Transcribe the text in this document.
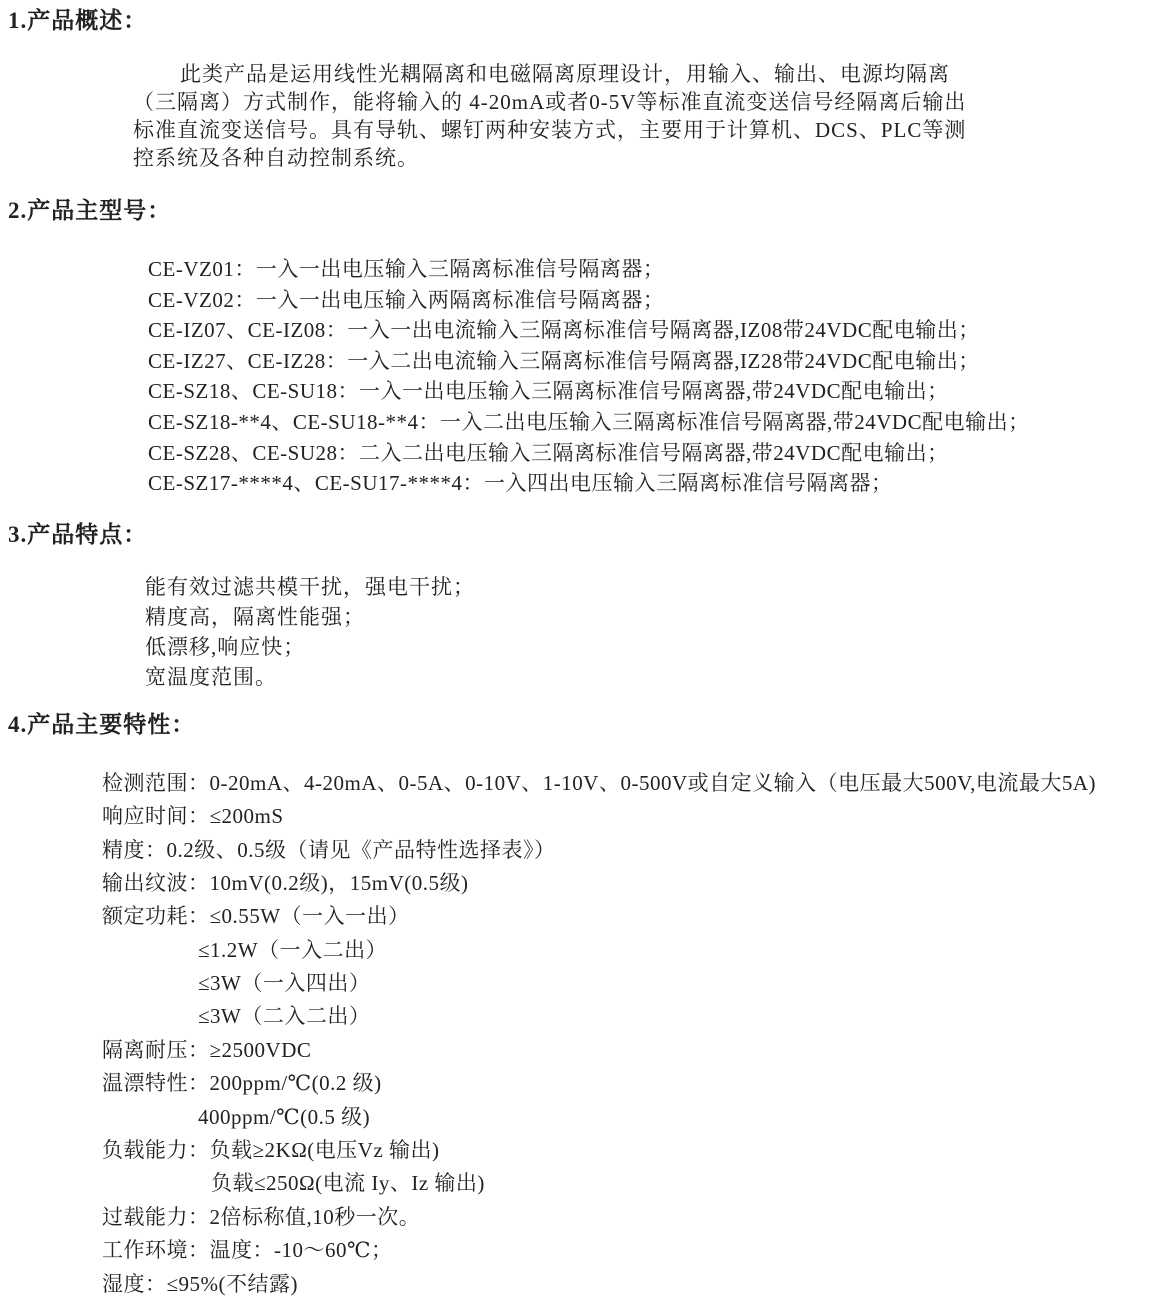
1.产品概述：
此类产品是运用线性光耦隔离和电磁隔离原理设计，用输入、输出、电源均隔离
（三隔离）方式制作，能将输入的 4-20mA或者0-5V等标准直流变送信号经隔离后输出
标准直流变送信号。具有导轨、螺钉两种安装方式，主要用于计算机、DCS、PLC等测
控系统及各种自动控制系统。
2.产品主型号：
CE-VZ01：一入一出电压输入三隔离标准信号隔离器；
CE-VZ02：一入一出电压输入两隔离标准信号隔离器；
CE-IZ07、CE-IZ08：一入一出电流输入三隔离标准信号隔离器,IZ08带24VDC配电输出；
CE-IZ27、CE-IZ28：一入二出电流输入三隔离标准信号隔离器,IZ28带24VDC配电输出；
CE-SZ18、CE-SU18：一入一出电压输入三隔离标准信号隔离器,带24VDC配电输出；
CE-SZ18-**4、CE-SU18-**4：一入二出电压输入三隔离标准信号隔离器,带24VDC配电输出；
CE-SZ28、CE-SU28：二入二出电压输入三隔离标准信号隔离器,带24VDC配电输出；
CE-SZ17-****4、CE-SU17-****4：一入四出电压输入三隔离标准信号隔离器；
3.产品特点：
能有效过滤共模干扰，强电干扰；
精度高，隔离性能强；
低漂移,响应快；
宽温度范围。
4.产品主要特性：
检测范围：0-20mA、4-20mA、0-5A、0-10V、1-10V、0-500V或自定义输入（电压最大500V,电流最大5A)
响应时间：≤200mS
精度：0.2级、0.5级（请见《产品特性选择表》）
输出纹波：10mV(0.2级)，15mV(0.5级)
额定功耗：≤0.55W（一入一出）
≤1.2W（一入二出）
≤3W（一入四出）
≤3W（二入二出）
隔离耐压：≥2500VDC
温漂特性：200ppm/℃(0.2 级)
400ppm/℃(0.5 级)
负载能力：负载≥2KΩ(电压Vz 输出)
负载≤250Ω(电流 Iy、Iz 输出)
过载能力：2倍标称值,10秒一次。
工作环境：温度：-10～60℃；
湿度：≤95%(不结露)
